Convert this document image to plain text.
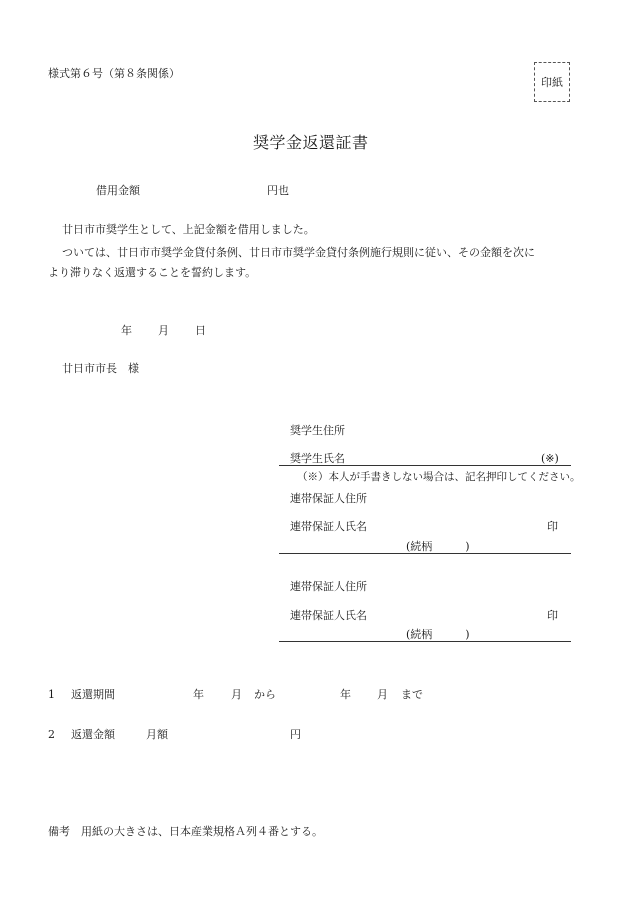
様式第６号（第８条関係）
印紙
奨学金返還証書
借用金額	円也
廿日市市奨学生として、上記金額を借用しました。
ついては、廿日市市奨学金貸付条例、廿日市市奨学金貸付条例施行規則に従い、その金額を次に
より滞りなく返還することを誓約します。
年 月 日
廿日市市長　様
奨学生住所
奨学生氏名	(※)
（※）本人が手書きしない場合は、記名押印してください。
連帯保証人住所
連帯保証人氏名	印
(続柄　　　)
連帯保証人住所
連帯保証人氏名	印
(続柄　　　)
1 返還期間	年 月 から	年 月 まで
2 返還金額	月額	円
備考　用紙の大きさは、日本産業規格Ａ列４番とする。
